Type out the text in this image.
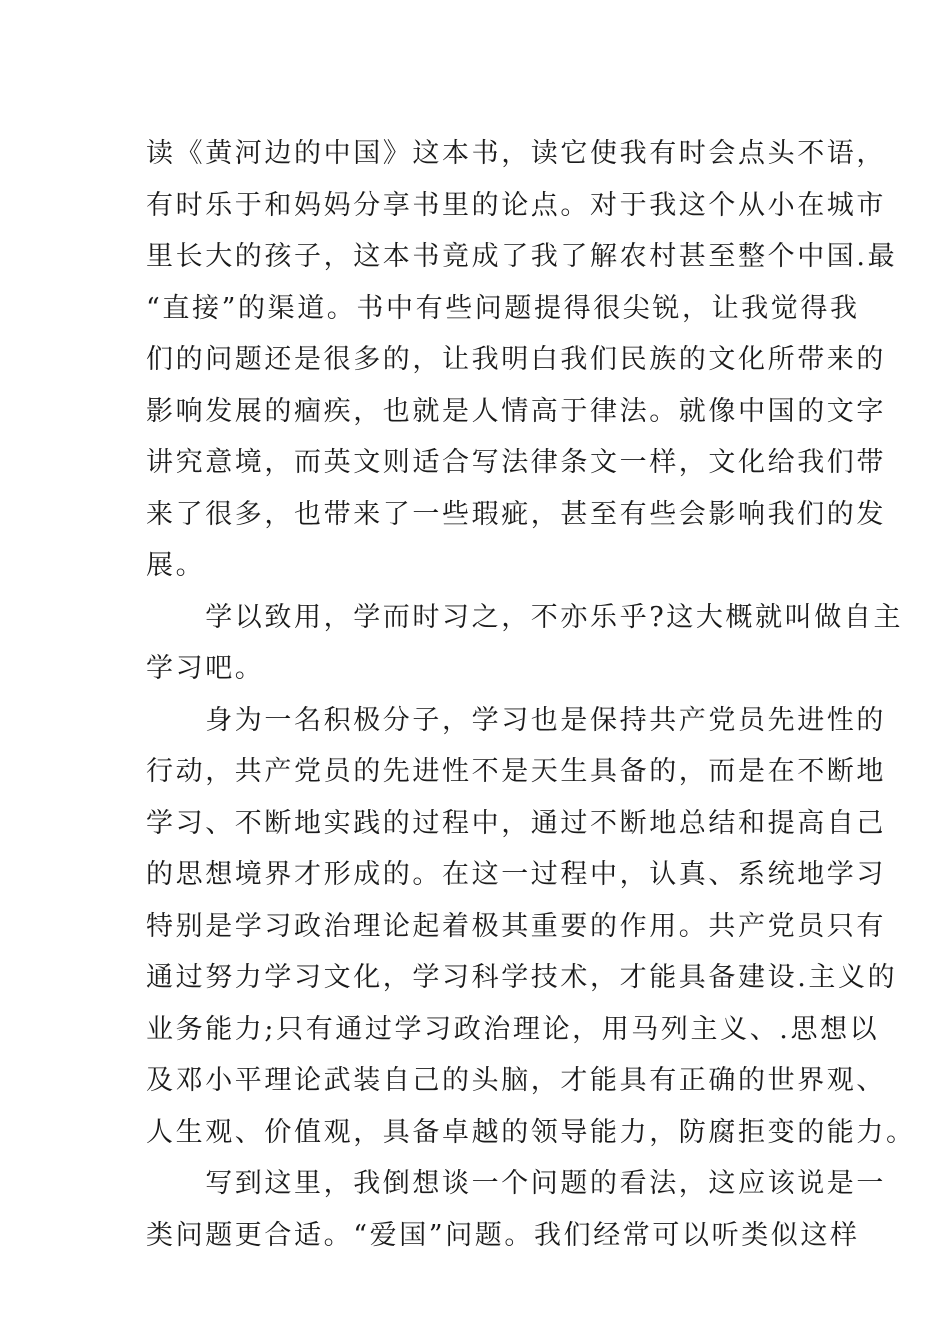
读《黄河边的中国》这本书，读它使我有时会点头不语，
有时乐于和妈妈分享书里的论点。对于我这个从小在城市
里长大的孩子，这本书竟成了我了解农村甚至整个中国.最
“直接”的渠道。书中有些问题提得很尖锐，让我觉得我
们的问题还是很多的，让我明白我们民族的文化所带来的
影响发展的痼疾，也就是人情高于律法。就像中国的文字
讲究意境，而英文则适合写法律条文一样，文化给我们带
来了很多，也带来了一些瑕疵，甚至有些会影响我们的发
展。
　　学以致用，学而时习之，不亦乐乎?这大概就叫做自主
学习吧。
　　身为一名积极分子，学习也是保持共产党员先进性的
行动，共产党员的先进性不是天生具备的，而是在不断地
学习、不断地实践的过程中，通过不断地总结和提高自己
的思想境界才形成的。在这一过程中，认真、系统地学习
特别是学习政治理论起着极其重要的作用。共产党员只有
通过努力学习文化，学习科学技术，才能具备建设.主义的
业务能力;只有通过学习政治理论，用马列主义、.思想以
及邓小平理论武装自己的头脑，才能具有正确的世界观、
人生观、价值观，具备卓越的领导能力，防腐拒变的能力。
　　写到这里，我倒想谈一个问题的看法，这应该说是一
类问题更合适。“爱国”问题。我们经常可以听类似这样
